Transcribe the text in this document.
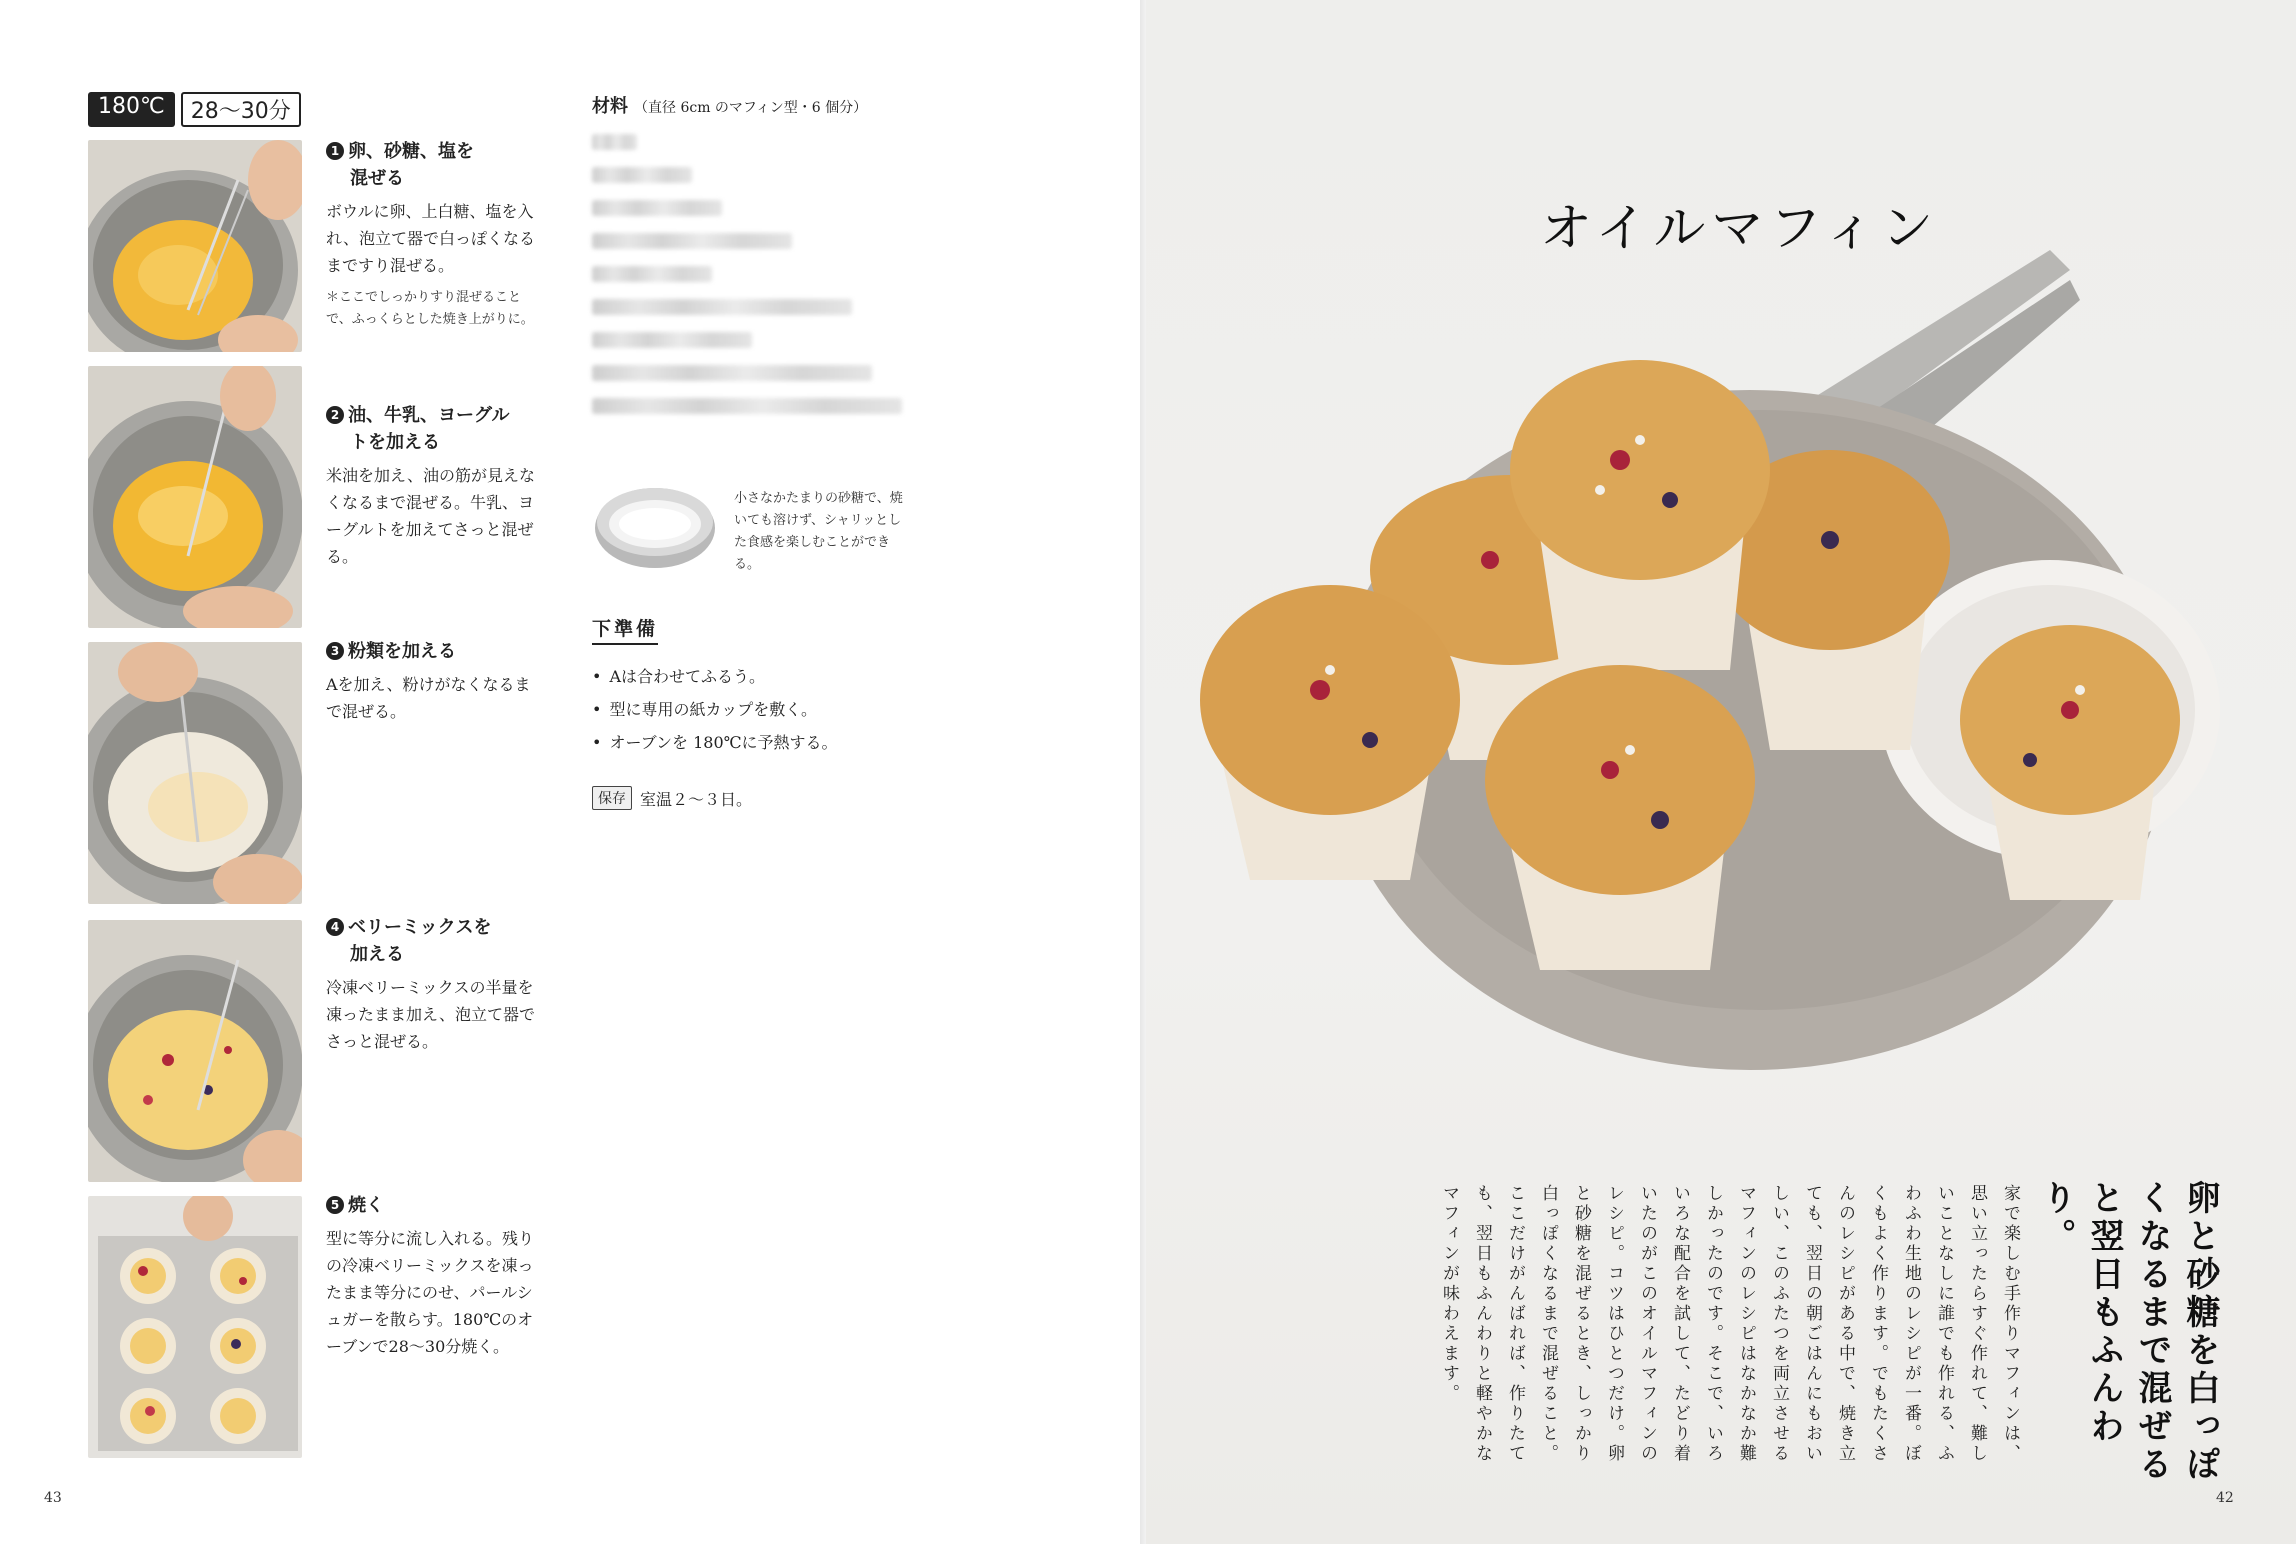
180℃	28～30分
1 卵、砂糖、塩を
混ぜる
ボウルに卵、上白糖、塩を入れ、泡立て器で白っぽくなるまですり混ぜる。
＊ここでしっかりすり混ぜることで、ふっくらとした焼き上がりに。
2 油、牛乳、ヨーグル
トを加える
米油を加え、油の筋が見えなくなるまで混ぜる。牛乳、ヨーグルトを加えてさっと混ぜる。
3 粉類を加える
Aを加え、粉けがなくなるまで混ぜる。
4 ベリーミックスを
加える
冷凍ベリーミックスの半量を凍ったまま加え、泡立て器でさっと混ぜる。
5 焼く
型に等分に流し入れる。残りの冷凍ベリーミックスを凍ったまま等分にのせ、パールシュガーを散らす。180℃のオーブンで28～30分焼く。
材料 （直径 6cm のマフィン型・6 個分）
小さなかたまりの砂糖で、焼いても溶けず、シャリッとした食感を楽しむことができる。
下準備
• Aは合わせてふるう。
• 型に専用の紙カップを敷く。
• オーブンを 180℃に予熱する。
保存 室温２～３日。
43
オイルマフィン
卵と砂糖を白っぽくなるまで混ぜると翌日もふんわり。
家で楽しむ手作りマフィンは、思い立ったらすぐ作れて、難しいことなしに誰でも作れる、ふわふわ生地のレシピが一番。ぼくもよく作ります。でもたくさんのレシピがある中で、焼き立ても、翌日の朝ごはんにもおいしい、このふたつを両立させるマフィンのレシピはなかなか難しかったのです。そこで、いろいろな配合を試して、たどり着いたのがこのオイルマフィンのレシピ。コツはひとつだけ。卵と砂糖を混ぜるとき、しっかり白っぽくなるまで混ぜること。ここだけがんばれば、作りたても、翌日もふんわりと軽やかなマフィンが味わえます。
42
